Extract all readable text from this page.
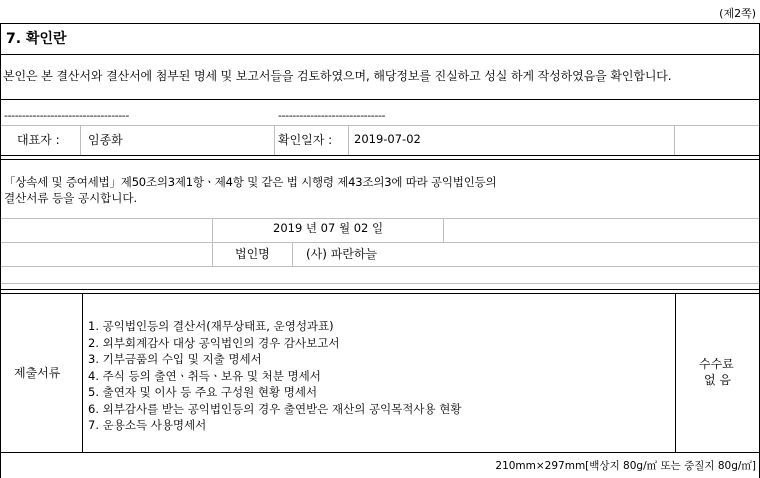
(제2쪽)
7. 확인란
본인은 본 결산서와 결산서에 첨부된 명세 및 보고서들을 검토하였으며, 해당정보를 진실하고 성실 하게 작성하였음을 확인합니다.
-----------------------------------	------------------------------
대표자 : 임종화	확인일자 : 2019-07-02
「상속세 및 증여세법」제50조의3제1항ㆍ제4항 및 같은 법 시행령 제43조의3에 따라 공익법인등의
결산서류 등을 공시합니다.
2019 년 07 월 02 일
법인명	(사) 파란하늘
제출서류
1. 공익법인등의 결산서(재무상태표, 운영성과표)
2. 외부회계감사 대상 공익법인의 경우 감사보고서
3. 기부금품의 수입 및 지출 명세서
4. 주식 등의 출연ㆍ취득ㆍ보유 및 처분 명세서
5. 출연자 및 이사 등 주요 구성원 현황 명세서
6. 외부감사를 받는 공익법인등의 경우 출연받은 재산의 공익목적사용 현황
7. 운용소득 사용명세서
수수료
없 음
210mm×297mm[백상지 80g/㎡ 또는 중질지 80g/㎡]
